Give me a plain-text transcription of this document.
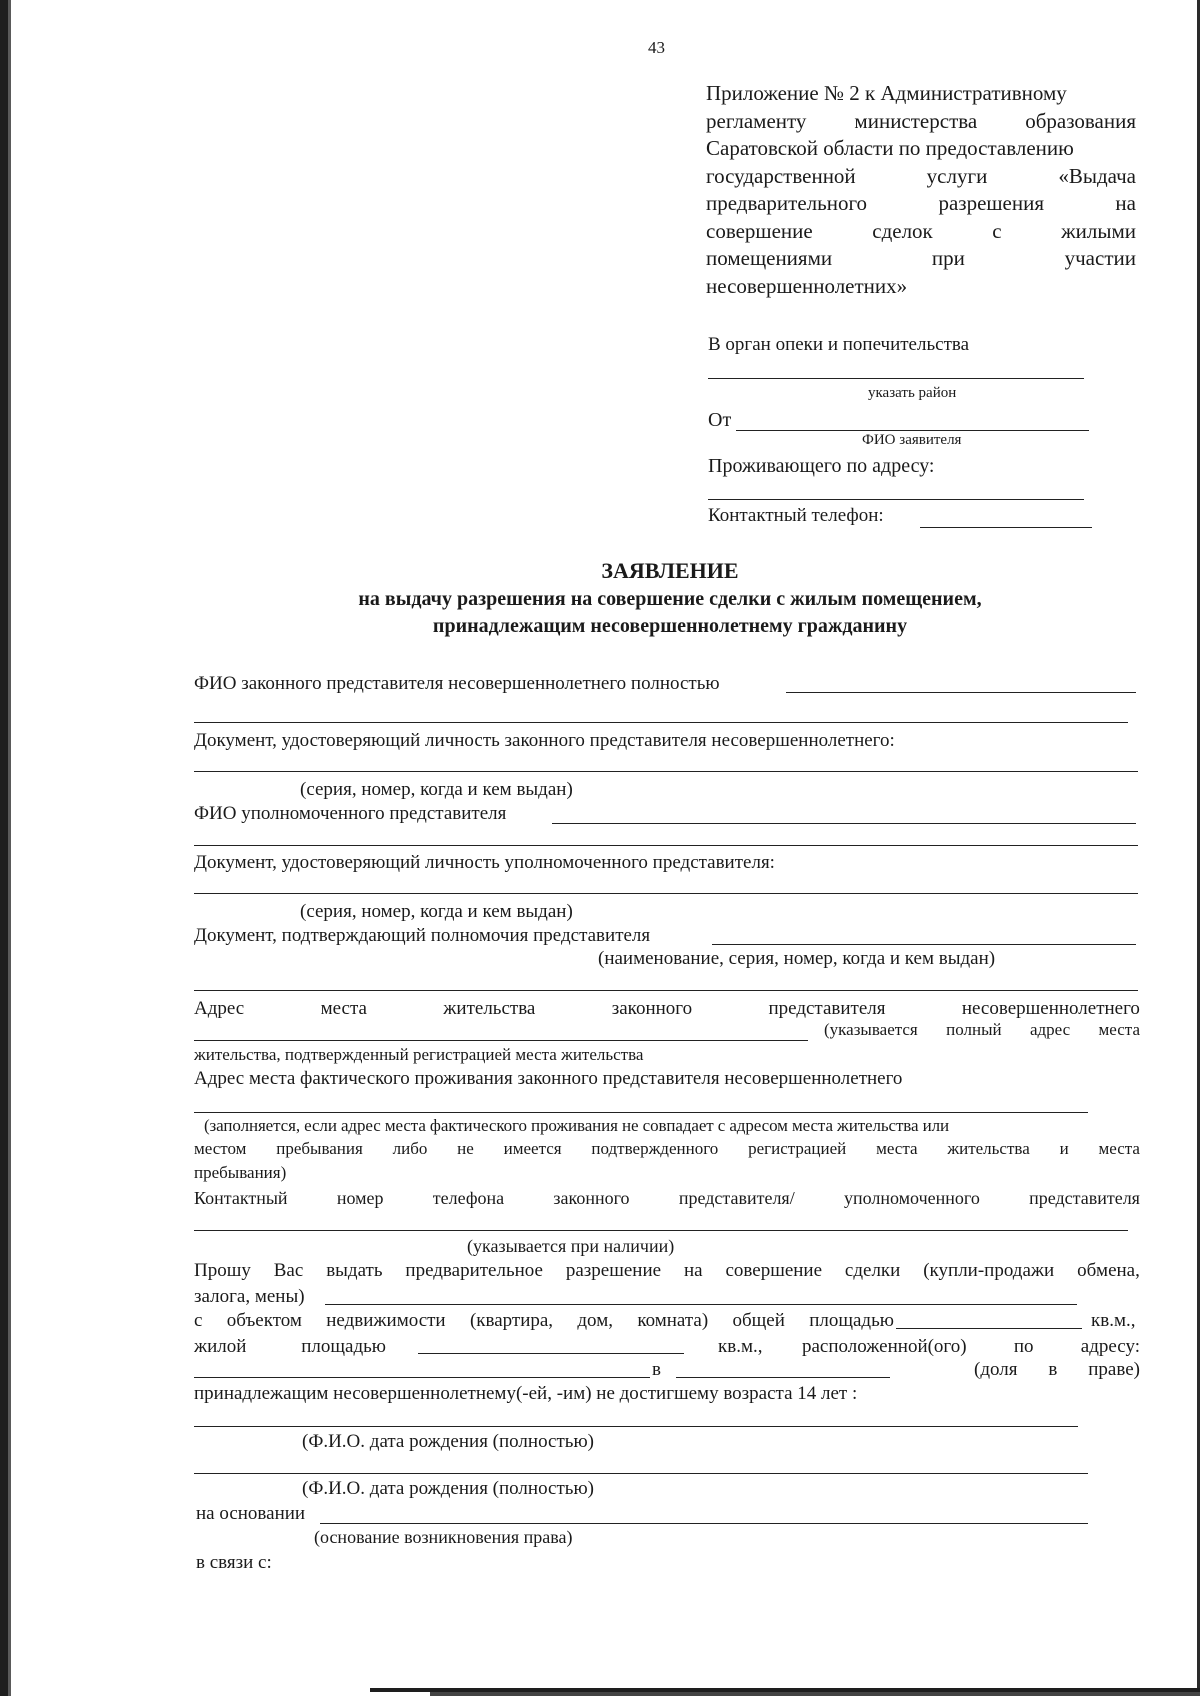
43
Приложение № 2 к Административному
регламенту министерства образования
Саратовской области по предоставлению
государственной	услуги	«Выдача
предварительного	разрешения	на
совершение	сделок	с	жилыми
помещениями	при	участии
несовершеннолетних»
В орган опеки и попечительства
указать район
От
ФИО заявителя
Проживающего по адресу:
Контактный телефон:
ЗАЯВЛЕНИЕ
на выдачу разрешения на совершение сделки с жилым помещением,
принадлежащим несовершеннолетнему гражданину
ФИО законного представителя несовершеннолетнего полностью
Документ, удостоверяющий личность законного представителя несовершеннолетнего:
(серия, номер, когда и кем выдан)
ФИО уполномоченного представителя
Документ, удостоверяющий личность уполномоченного представителя:
(серия, номер, когда и кем выдан)
Документ, подтверждающий полномочия представителя
(наименование, серия, номер, когда и кем выдан)
Адрес	места	жительства	законного	представителя	несовершеннолетнего
(указывается полный адрес места
жительства, подтвержденный регистрацией места жительства
Адрес места фактического проживания законного представителя несовершеннолетнего
(заполняется, если адрес места фактического проживания не совпадает с адресом места жительства или
местом пребывания либо не имеется подтвержденного регистрацией места жительства и места
пребывания)
Контактный	номер	телефона	законного	представителя/	уполномоченного	представителя
(указывается при наличии)
Прошу Вас выдать предварительное разрешение на совершение сделки (купли-продажи обмена,
залога, мены)
с объектом недвижимости (квартира, дом, комната) общей площадью	кв.м.,
жилой	площадью	кв.м., расположенной(ого) по адресу:
в	(доля в праве)
принадлежащим несовершеннолетнему(-ей, -им) не достигшему возраста 14 лет :
(Ф.И.О. дата рождения (полностью)
(Ф.И.О. дата рождения (полностью)
на основании
(основание возникновения права)
в связи с:
